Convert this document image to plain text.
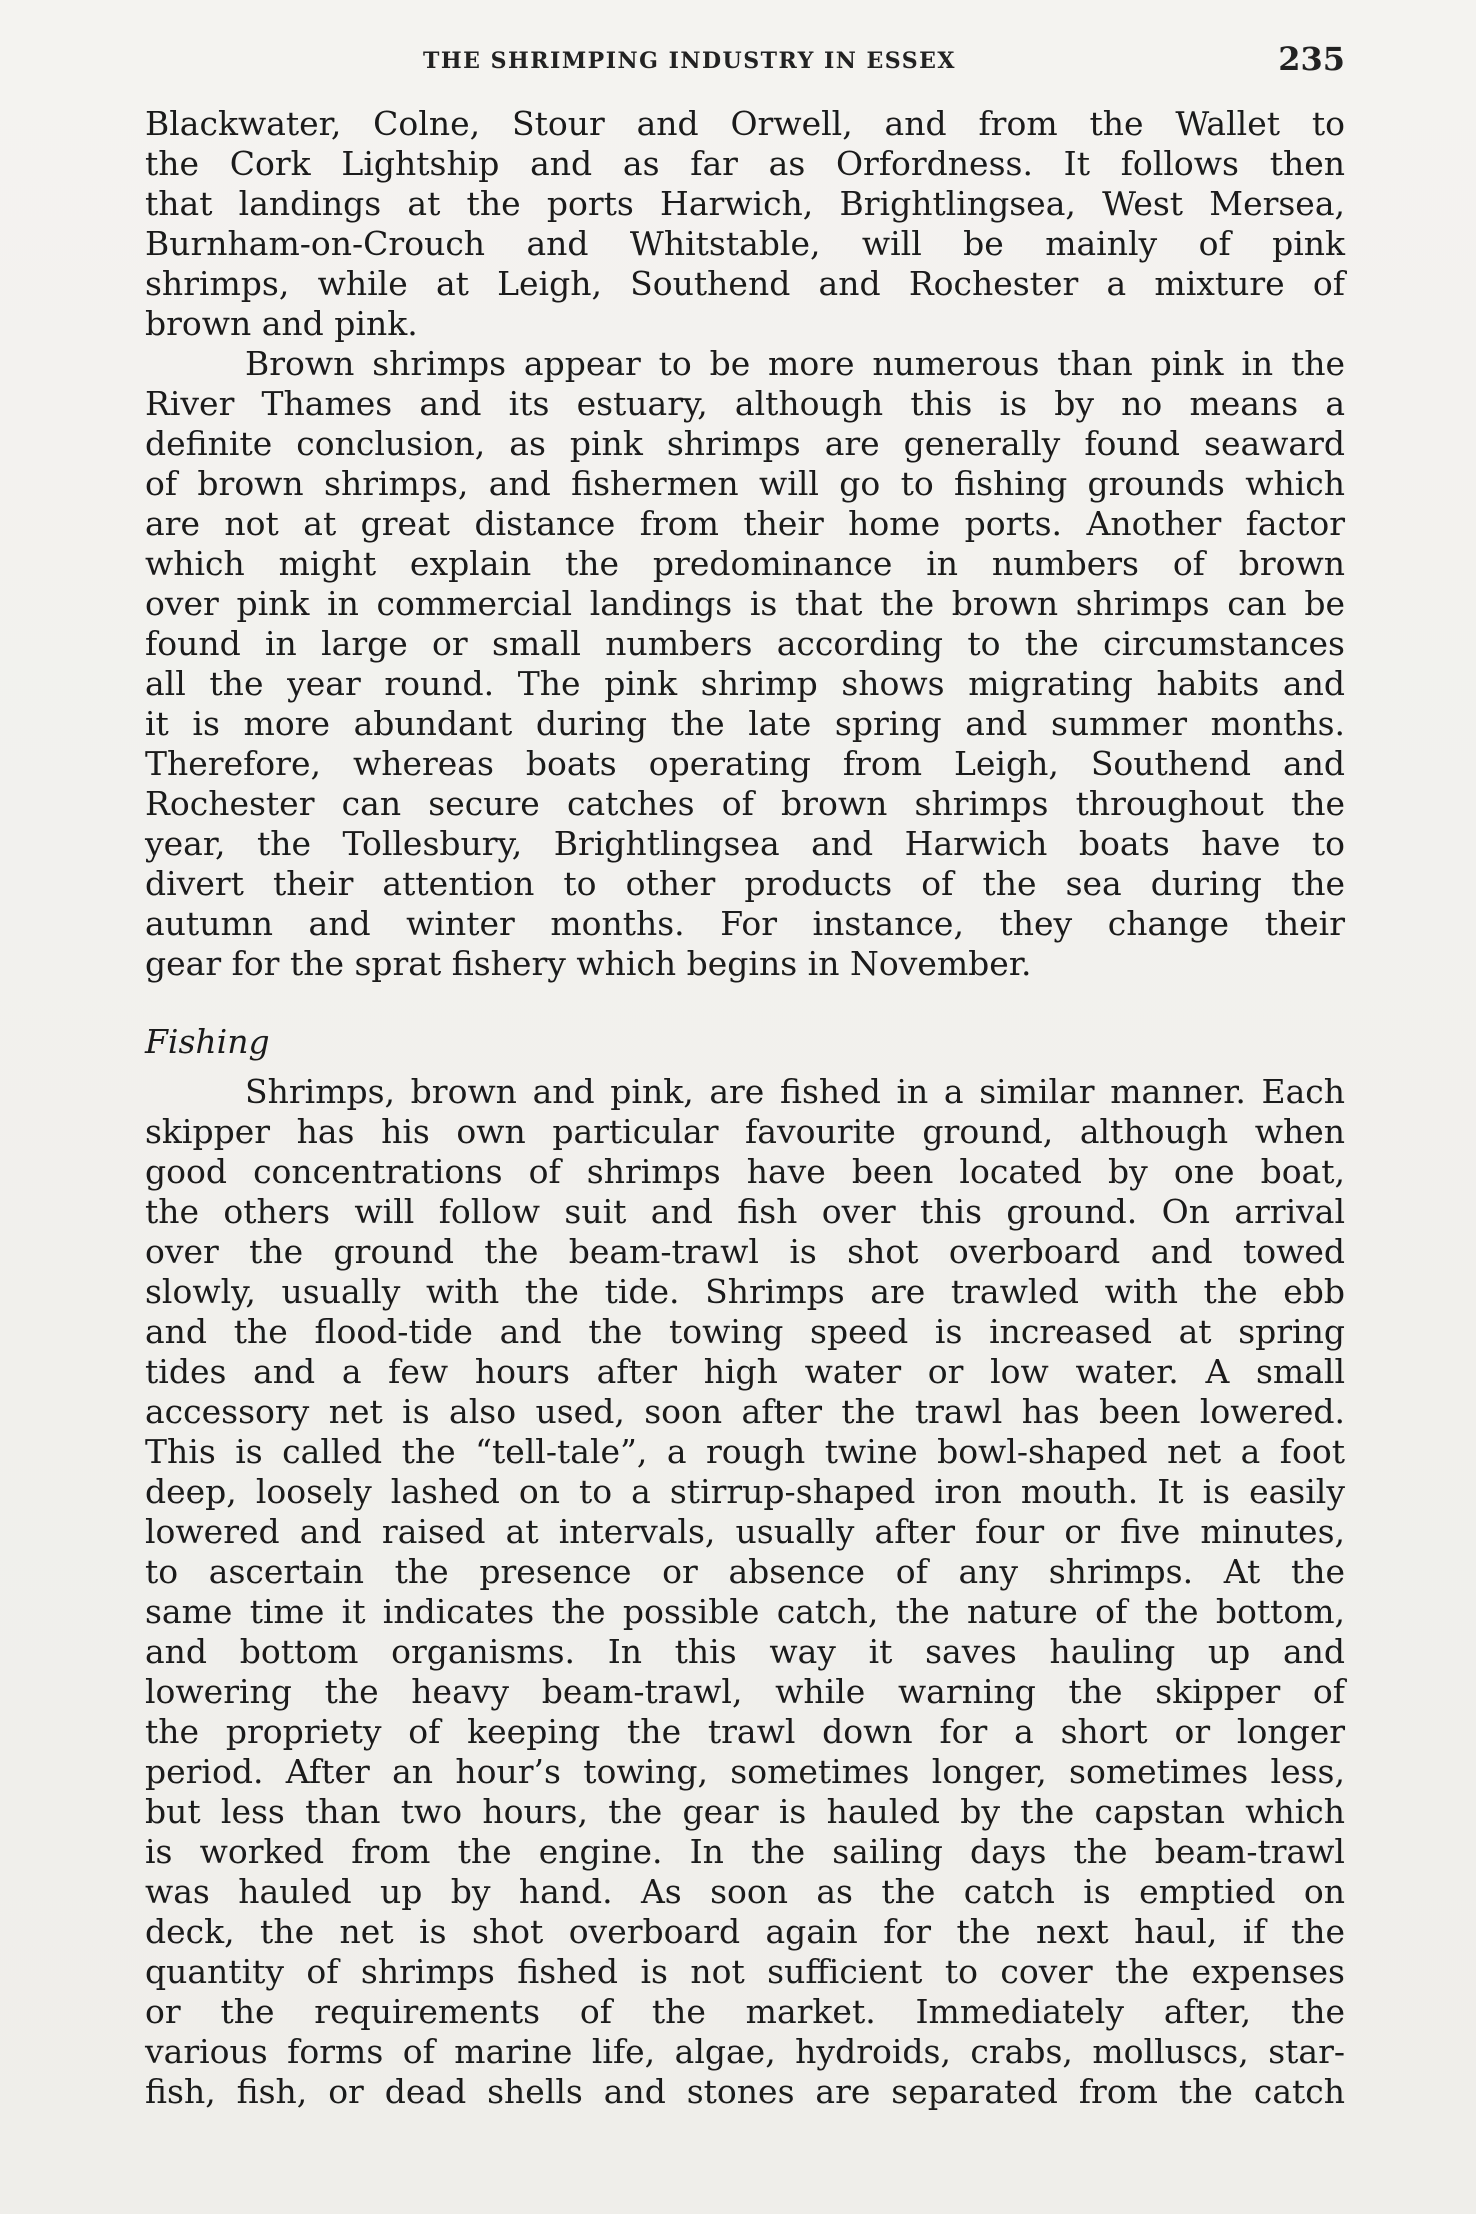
THE SHRIMPING INDUSTRY IN ESSEX	235
Blackwater, Colne, Stour and Orwell, and from the Wallet to
the Cork Lightship and as far as Orfordness. It follows then
that landings at the ports Harwich, Brightlingsea, West Mersea,
Burnham-on-Crouch and Whitstable, will be mainly of pink
shrimps, while at Leigh, Southend and Rochester a mixture of
brown and pink.
Brown shrimps appear to be more numerous than pink in the
River Thames and its estuary, although this is by no means a
definite conclusion, as pink shrimps are generally found seaward
of brown shrimps, and fishermen will go to fishing grounds which
are not at great distance from their home ports. Another factor
which might explain the predominance in numbers of brown
over pink in commercial landings is that the brown shrimps can be
found in large or small numbers according to the circumstances
all the year round. The pink shrimp shows migrating habits and
it is more abundant during the late spring and summer months.
Therefore, whereas boats operating from Leigh, Southend and
Rochester can secure catches of brown shrimps throughout the
year, the Tollesbury, Brightlingsea and Harwich boats have to
divert their attention to other products of the sea during the
autumn and winter months. For instance, they change their
gear for the sprat fishery which begins in November.
Fishing
Shrimps, brown and pink, are fished in a similar manner. Each
skipper has his own particular favourite ground, although when
good concentrations of shrimps have been located by one boat,
the others will follow suit and fish over this ground. On arrival
over the ground the beam-trawl is shot overboard and towed
slowly, usually with the tide. Shrimps are trawled with the ebb
and the flood-tide and the towing speed is increased at spring
tides and a few hours after high water or low water. A small
accessory net is also used, soon after the trawl has been lowered.
This is called the “tell-tale”, a rough twine bowl-shaped net a foot
deep, loosely lashed on to a stirrup-shaped iron mouth. It is easily
lowered and raised at intervals, usually after four or five minutes,
to ascertain the presence or absence of any shrimps. At the
same time it indicates the possible catch, the nature of the bottom,
and bottom organisms. In this way it saves hauling up and
lowering the heavy beam-trawl, while warning the skipper of
the propriety of keeping the trawl down for a short or longer
period. After an hour’s towing, sometimes longer, sometimes less,
but less than two hours, the gear is hauled by the capstan which
is worked from the engine. In the sailing days the beam-trawl
was hauled up by hand. As soon as the catch is emptied on
deck, the net is shot overboard again for the next haul, if the
quantity of shrimps fished is not sufficient to cover the expenses
or the requirements of the market. Immediately after, the
various forms of marine life, algae, hydroids, crabs, molluscs, star-
fish, fish, or dead shells and stones are separated from the catch
